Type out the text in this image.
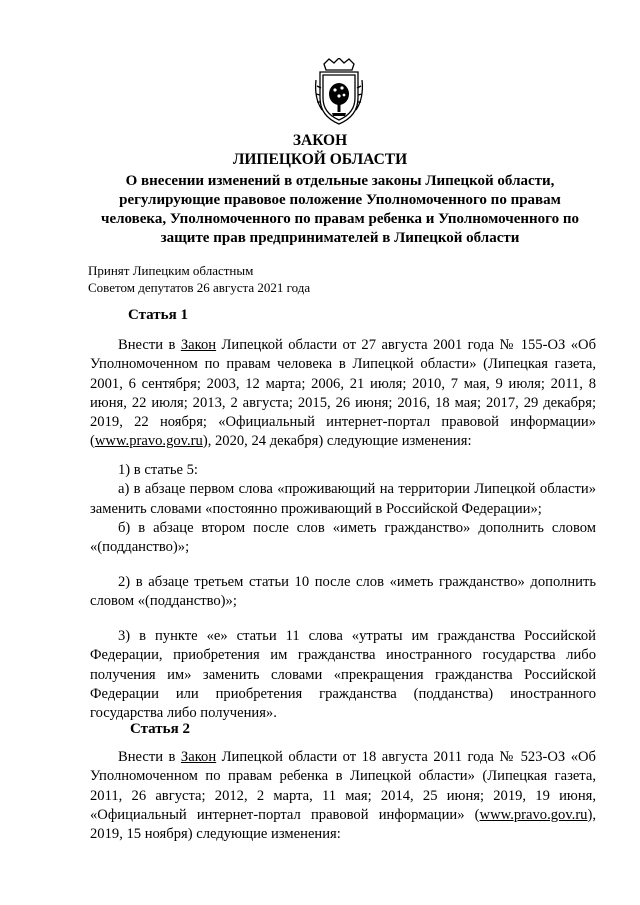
ЗАКОН
ЛИПЕЦКОЙ ОБЛАСТИ
О внесении изменений в отдельные законы Липецкой области,
регулирующие правовое положение Уполномоченного по правам
человека, Уполномоченного по правам ребенка и Уполномоченного по
защите прав предпринимателей в Липецкой области
Принят Липецким областным
Советом депутатов 26 августа 2021 года
Статья 1

Внести в Закон Липецкой области от 27 августа 2001 года № 155-ОЗ «Об Уполномоченном по правам человека в Липецкой области» (Липецкая газета, 2001, 6 сентября; 2003, 12 марта; 2006, 21 июля; 2010, 7 мая, 9 июля; 2011, 8 июня, 22 июля; 2013, 2 августа; 2015, 26 июня; 2016, 18 мая; 2017, 29 декабря; 2019, 22 ноября; «Официальный интернет-портал правовой информации» (www.pravo.gov.ru), 2020, 24 декабря) следующие изменения:

1) в статье 5:

а) в абзаце первом слова «проживающий на территории Липецкой области» заменить словами «постоянно проживающий в Российской Федерации»;

б) в абзаце втором после слов «иметь гражданство» дополнить словом «(подданство)»;

2) в абзаце третьем статьи 10 после слов «иметь гражданство» дополнить словом «(подданство)»;

3) в пункте «е» статьи 11 слова «утраты им гражданства Российской Федерации, приобретения им гражданства иностранного государства либо получения им» заменить словами «прекращения гражданства Российской Федерации или приобретения гражданства (подданства) иностранного государства либо получения».

Статья 2

Внести в Закон Липецкой области от 18 августа 2011 года № 523-ОЗ «Об Уполномоченном по правам ребенка в Липецкой области» (Липецкая газета, 2011, 26 августа; 2012, 2 марта, 11 мая; 2014, 25 июня; 2019, 19 июня, «Официальный интернет-портал правовой информации» (www.pravo.gov.ru), 2019, 15 ноября) следующие изменения:
